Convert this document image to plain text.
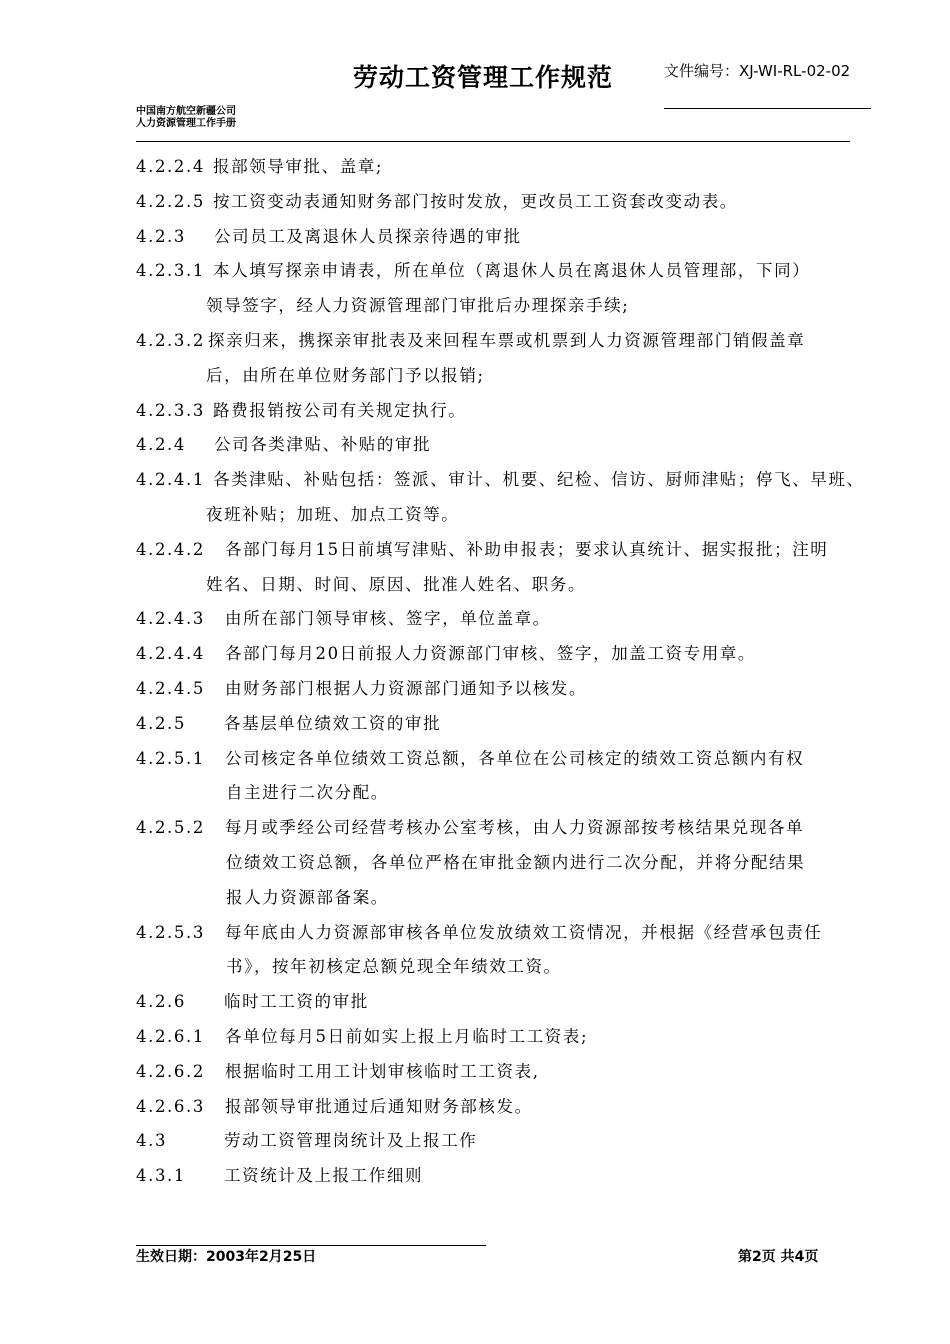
劳动工资管理工作规范	文件编号：XJ-WI-RL-02-02
中国南方航空新疆公司
人力资源管理工作手册
4.2.2.4 报部领导审批、盖章;
4.2.2.5 按工资变动表通知财务部门按时发放，更改员工工资套改变动表。
4.2.3 公司员工及离退休人员探亲待遇的审批
4.2.3.1 本人填写探亲申请表，所在单位（离退休人员在离退休人员管理部，下同）
领导签字，经人力资源管理部门审批后办理探亲手续;
4.2.3.2 探亲归来，携探亲审批表及来回程车票或机票到人力资源管理部门销假盖章
后，由所在单位财务部门予以报销;
4.2.3.3 路费报销按公司有关规定执行。
4.2.4 公司各类津贴、补贴的审批
4.2.4.1 各类津贴、补贴包括：签派、审计、机要、纪检、信访、厨师津贴；停飞、早班、
夜班补贴；加班、加点工资等。
4.2.4.2 各部门每月15日前填写津贴、补助申报表；要求认真统计、据实报批；注明
姓名、日期、时间、原因、批准人姓名、职务。
4.2.4.3 由所在部门领导审核、签字，单位盖章。
4.2.4.4 各部门每月20日前报人力资源部门审核、签字，加盖工资专用章。
4.2.4.5 由财务部门根据人力资源部门通知予以核发。
4.2.5 各基层单位绩效工资的审批
4.2.5.1 公司核定各单位绩效工资总额，各单位在公司核定的绩效工资总额内有权
自主进行二次分配。
4.2.5.2 每月或季经公司经营考核办公室考核，由人力资源部按考核结果兑现各单
位绩效工资总额，各单位严格在审批金额内进行二次分配，并将分配结果
报人力资源部备案。
4.2.5.3 每年底由人力资源部审核各单位发放绩效工资情况，并根据《经营承包责任
书》，按年初核定总额兑现全年绩效工资。
4.2.6 临时工工资的审批
4.2.6.1 各单位每月5日前如实上报上月临时工工资表;
4.2.6.2 根据临时工用工计划审核临时工工资表,
4.2.6.3 报部领导审批通过后通知财务部核发。
4.3	劳动工资管理岗统计及上报工作
4.3.1 工资统计及上报工作细则
生效日期：2003年2月25日	第2页 共4页
